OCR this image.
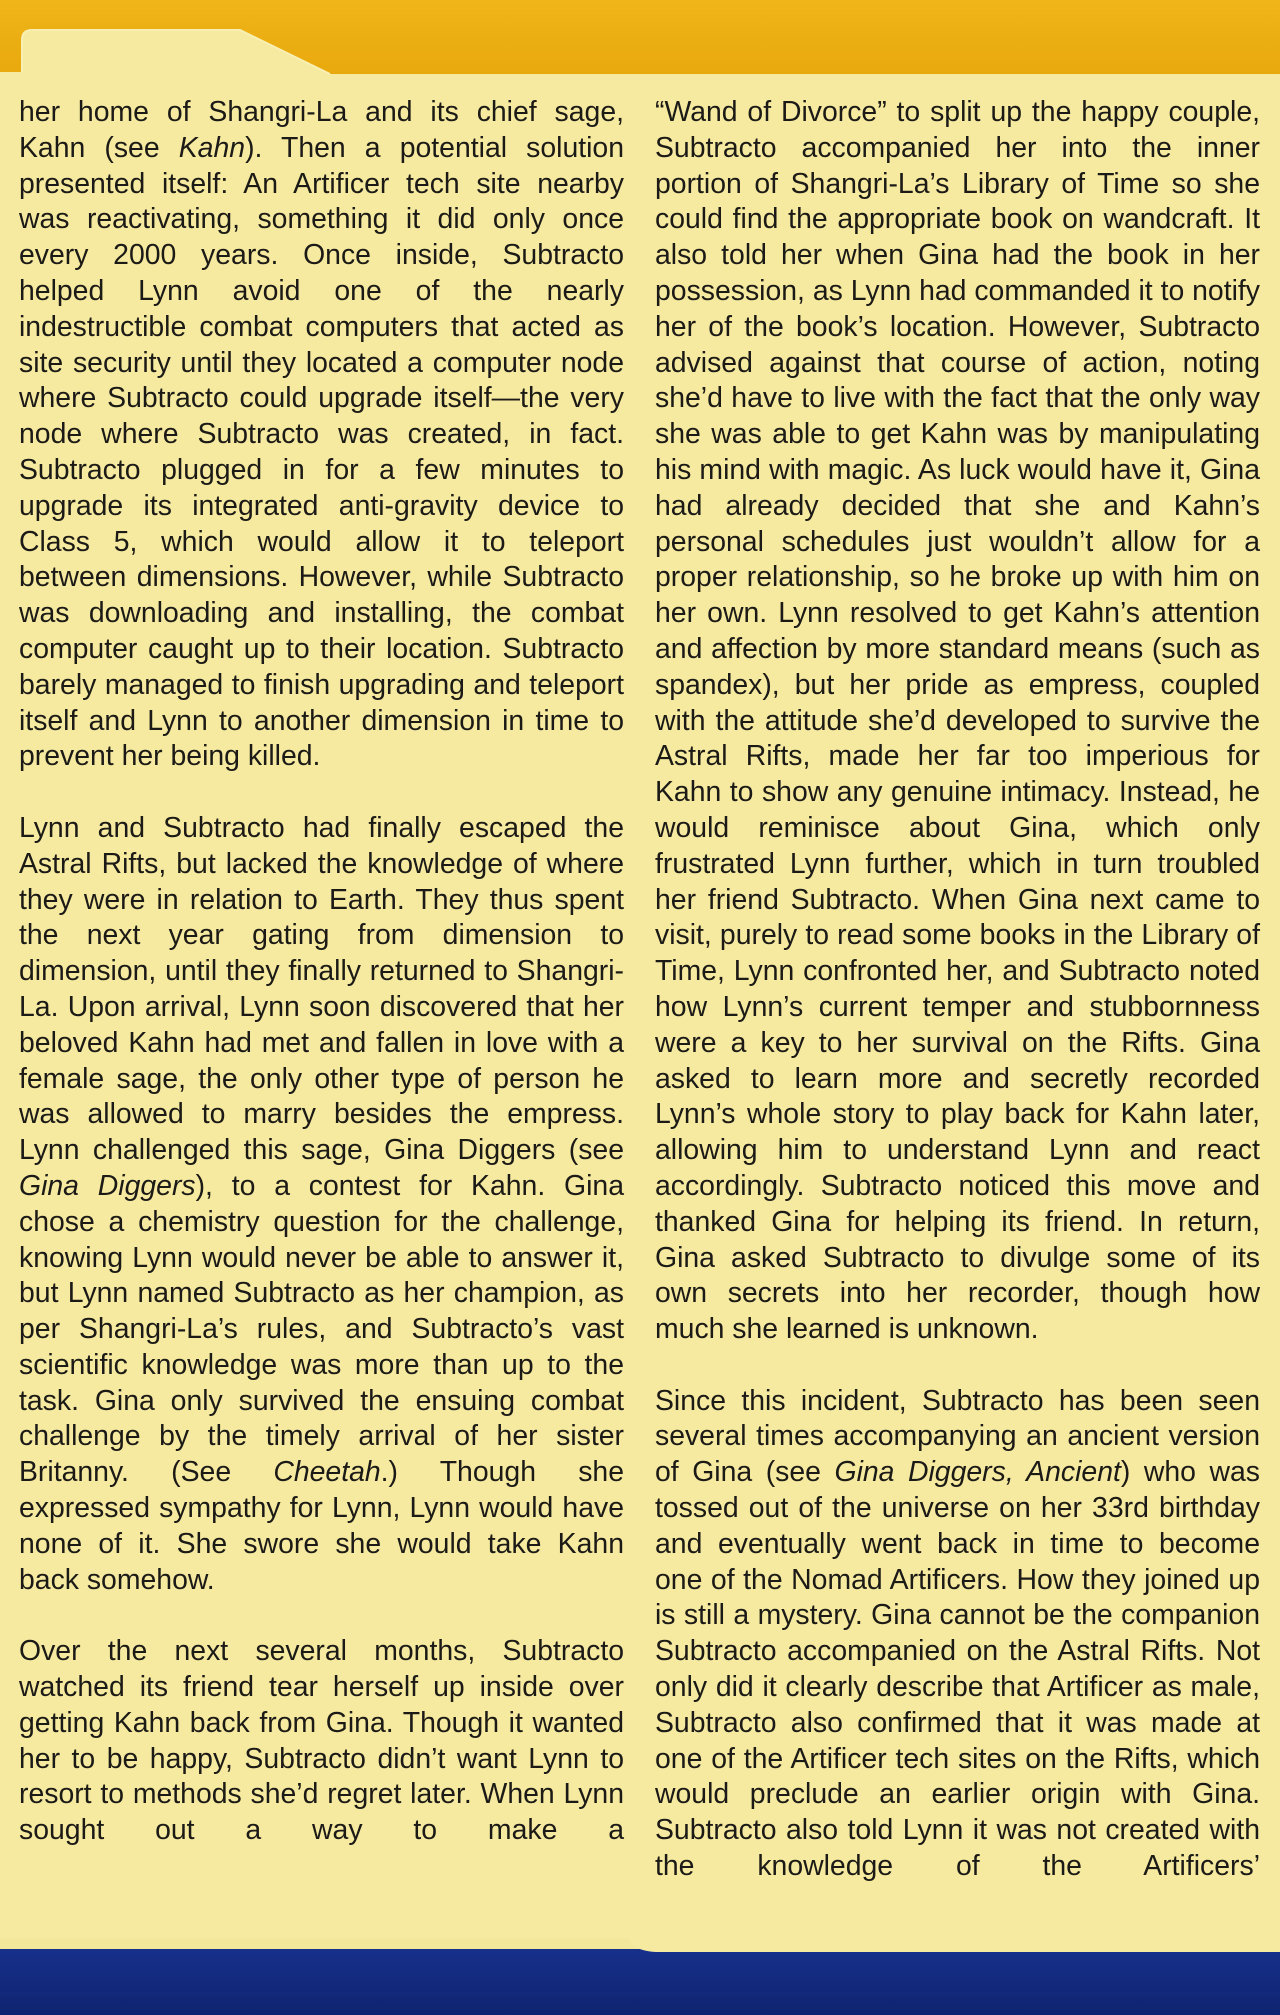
her home of Shangri-La and its chief sage, Kahn (see Kahn). Then a potential solution presented itself: An Artificer tech site nearby was reactivating, something it did only once every 2000 years. Once inside, Subtracto helped Lynn avoid one of the nearly indestructible combat computers that acted as site security until they located a computer node where Subtracto could upgrade itself—the very node where Subtracto was created, in fact. Subtracto plugged in for a few minutes to upgrade its integrated anti-gravity device to Class 5, which would allow it to teleport between dimensions. However, while Subtracto was downloading and installing, the combat computer caught up to their location. Subtracto barely managed to finish upgrading and teleport itself and Lynn to another dimension in time to prevent her being killed.

Lynn and Subtracto had finally escaped the Astral Rifts, but lacked the knowledge of where they were in relation to Earth. They thus spent the next year gating from dimension to dimension, until they finally returned to Shangri-La. Upon arrival, Lynn soon discovered that her beloved Kahn had met and fallen in love with a female sage, the only other type of person he was allowed to marry besides the empress. Lynn challenged this sage, Gina Diggers (see Gina Diggers), to a contest for Kahn. Gina chose a chemistry question for the challenge, knowing Lynn would never be able to answer it, but Lynn named Subtracto as her champion, as per Shangri-La’s rules, and Subtracto’s vast scientific knowledge was more than up to the task. Gina only survived the ensuing combat challenge by the timely arrival of her sister Britanny. (See Cheetah.) Though she expressed sympathy for Lynn, Lynn would have none of it. She swore she would take Kahn back somehow.

Over the next several months, Subtracto watched its friend tear herself up inside over getting Kahn back from Gina. Though it wanted her to be happy, Subtracto didn’t want Lynn to resort to methods she’d regret later. When Lynn sought out a way to make a

“Wand of Divorce” to split up the happy couple, Subtracto accompanied her into the inner portion of Shangri-La’s Library of Time so she could find the appropriate book on wandcraft. It also told her when Gina had the book in her possession, as Lynn had commanded it to notify her of the book’s location. However, Subtracto advised against that course of action, noting she’d have to live with the fact that the only way she was able to get Kahn was by manipulating his mind with magic. As luck would have it, Gina had already decided that she and Kahn’s personal schedules just wouldn’t allow for a proper relationship, so he broke up with him on her own. Lynn resolved to get Kahn’s attention and affection by more standard means (such as spandex), but her pride as empress, coupled with the attitude she’d developed to survive the Astral Rifts, made her far too imperious for Kahn to show any genuine intimacy. Instead, he would reminisce about Gina, which only frustrated Lynn further, which in turn troubled her friend Subtracto. When Gina next came to visit, purely to read some books in the Library of Time, Lynn confronted her, and Subtracto noted how Lynn’s current temper and stubbornness were a key to her survival on the Rifts. Gina asked to learn more and secretly recorded Lynn’s whole story to play back for Kahn later, allowing him to understand Lynn and react accordingly. Subtracto noticed this move and thanked Gina for helping its friend. In return, Gina asked Subtracto to divulge some of its own secrets into her recorder, though how much she learned is unknown.

Since this incident, Subtracto has been seen several times accompanying an ancient version of Gina (see Gina Diggers, Ancient) who was tossed out of the universe on her 33rd birthday and eventually went back in time to become one of the Nomad Artificers. How they joined up is still a mystery. Gina cannot be the companion Subtracto accompanied on the Astral Rifts. Not only did it clearly describe that Artificer as male, Subtracto also confirmed that it was made at one of the Artificer tech sites on the Rifts, which would preclude an earlier origin with Gina. Subtracto also told Lynn it was not created with the knowledge of the Artificers’
